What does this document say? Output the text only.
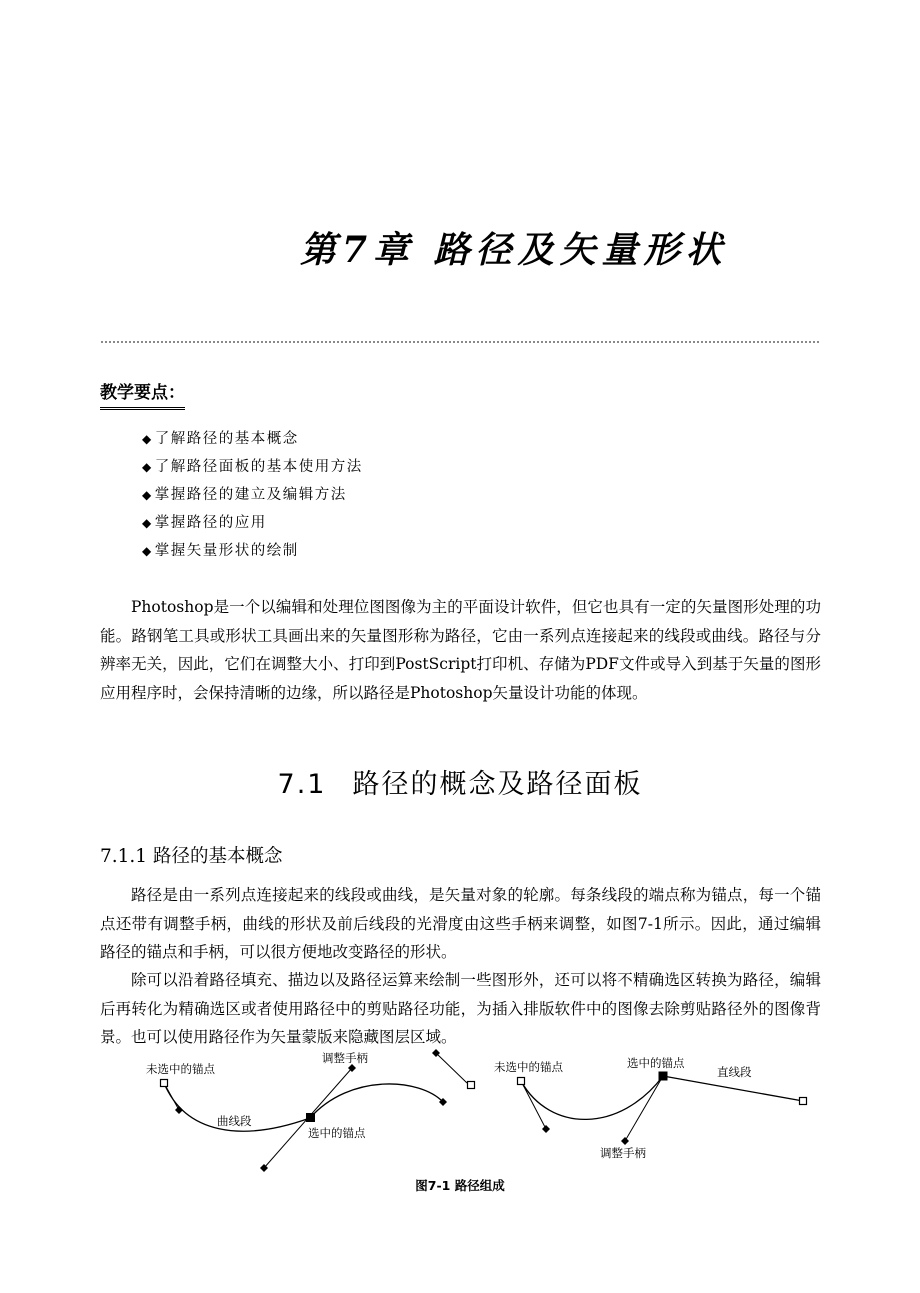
第7章 路径及矢量形状
教学要点：
◆ 了解路径的基本概念
◆ 了解路径面板的基本使用方法
◆ 掌握路径的建立及编辑方法
◆ 掌握路径的应用
◆ 掌握矢量形状的绘制

Photoshop是一个以编辑和处理位图图像为主的平面设计软件，但它也具有一定的矢量图形处理的功能。路钢笔工具或形状工具画出来的矢量图形称为路径，它由一系列点连接起来的线段或曲线。路径与分辨率无关，因此，它们在调整大小、打印到PostScript打印机、存储为PDF文件或导入到基于矢量的图形应用程序时，会保持清晰的边缘，所以路径是Photoshop矢量设计功能的体现。

7.1 路径的概念及路径面板
7.1.1 路径的基本概念

路径是由一系列点连接起来的线段或曲线，是矢量对象的轮廓。每条线段的端点称为锚点，每一个锚点还带有调整手柄，曲线的形状及前后线段的光滑度由这些手柄来调整，如图7-1所示。因此，通过编辑路径的锚点和手柄，可以很方便地改变路径的形状。

除可以沿着路径填充、描边以及路径运算来绘制一些图形外，还可以将不精确选区转换为路径，编辑后再转化为精确选区或者使用路径中的剪贴路径功能，为插入排版软件中的图像去除剪贴路径外的图像背景。也可以使用路径作为矢量蒙版来隐藏图层区域。

未选中的锚点
调整手柄
曲线段
选中的锚点
未选中的锚点	选中的锚点
直线段
调整手柄
图7-1 路径组成
